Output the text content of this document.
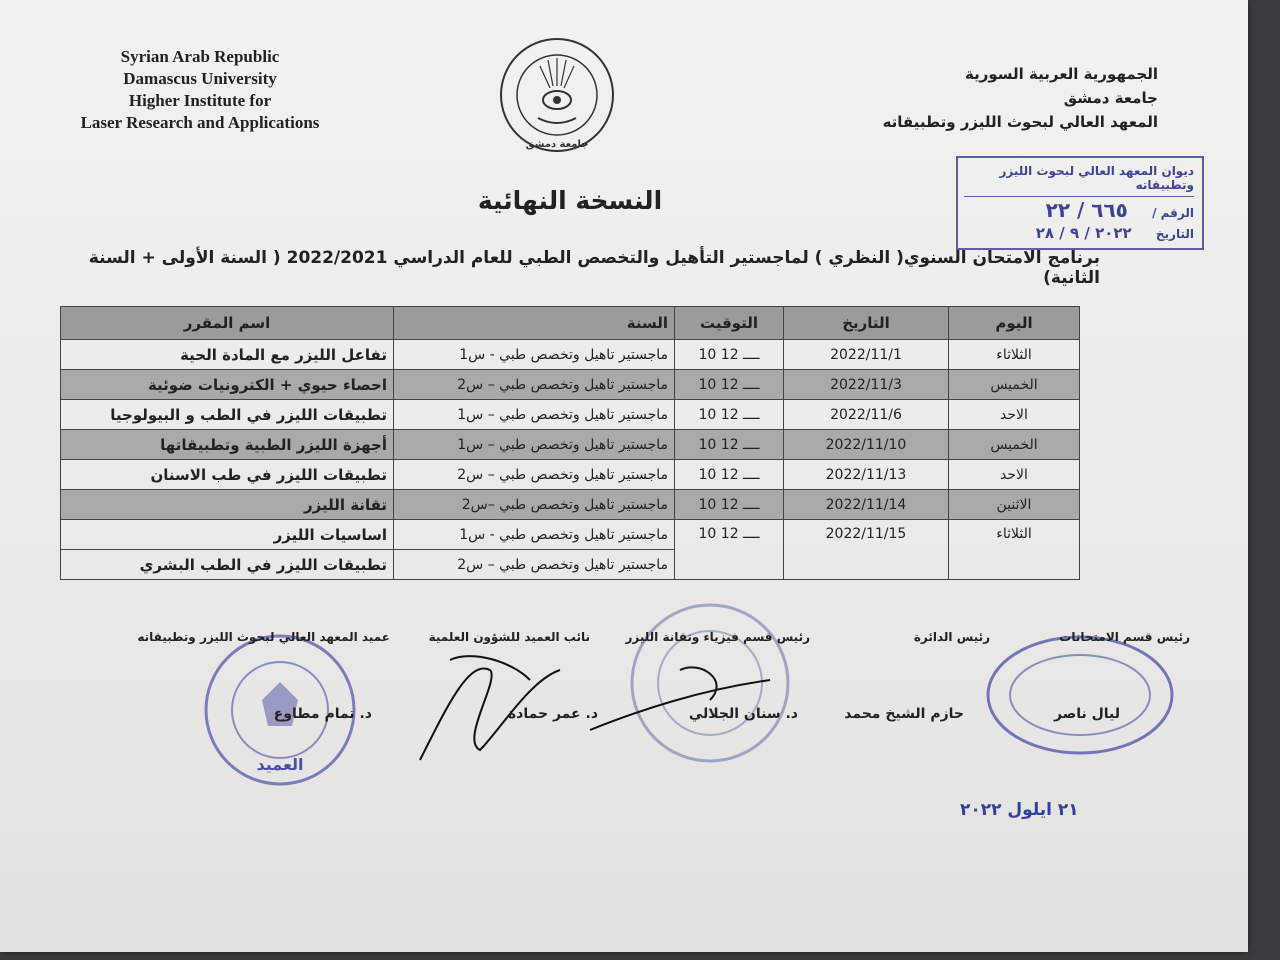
Syrian Arab Republic
Damascus University
Higher Institute for
Laser Research and Applications
جامعة دمشق
الجمهورية العربية السورية
جامعة دمشق
المعهد العالي لبحوث الليزر وتطبيقاته
ديوان المعهد العالي لبحوث الليزر وتطبيقاته
الرقم / ٦٦٥ / ٢٢
التاريخ ٢٠٢٢ / ٩ / ٢٨
النسخة النهائية
برنامج الامتحان السنوي( النظري ) لماجستير التأهيل والتخصص الطبي للعام الدراسي 2022/2021 ( السنة الأولى + السنة الثانية)
اليوم	التاريخ	التوقيت	السنة	اسم المقرر
الثلاثاء	2022/11/1	10 ــــ 12	ماجستير تاهيل وتخصص طبي - س1	تفاعل الليزر مع المادة الحية
الخميس	2022/11/3	10 ــــ 12	ماجستير تاهيل وتخصص طبي – س2	احصاء حيوي + الكترونيات ضوئية
الاحد	2022/11/6	10 ــــ 12	ماجستير تاهيل وتخصص طبي – س1	تطبيقات الليزر في الطب و البيولوجيا
الخميس	2022/11/10	10 ــــ 12	ماجستير تاهيل وتخصص طبي – س1	أجهزة الليزر الطبية وتطبيقاتها
الاحد	2022/11/13	10 ــــ 12	ماجستير تاهيل وتخصص طبي – س2	تطبيقات الليزر في طب الاسنان
الاثنين	2022/11/14	10 ــــ 12	ماجستير تاهيل وتخصص طبي –س2	تقانة الليزر
الثلاثاء	2022/11/15	10 ــــ 12	ماجستير تاهيل وتخصص طبي - س1	اساسيات الليزر
			ماجستير تاهيل وتخصص طبي – س2	تطبيقات الليزر في الطب البشري
العميد
رئيس قسم الامتحانات
رئيس الدائرة
رئيس قسم فيزياء وتقانة الليزر
نائب العميد للشؤون العلمية
عميد المعهد العالي لبحوث الليزر وتطبيقاته
ليال ناصر
حازم الشيخ محمد
د. سنان الجلالي
د. عمر حمادة
د. تمام مطاوع
٢١ ايلول ٢٠٢٢
